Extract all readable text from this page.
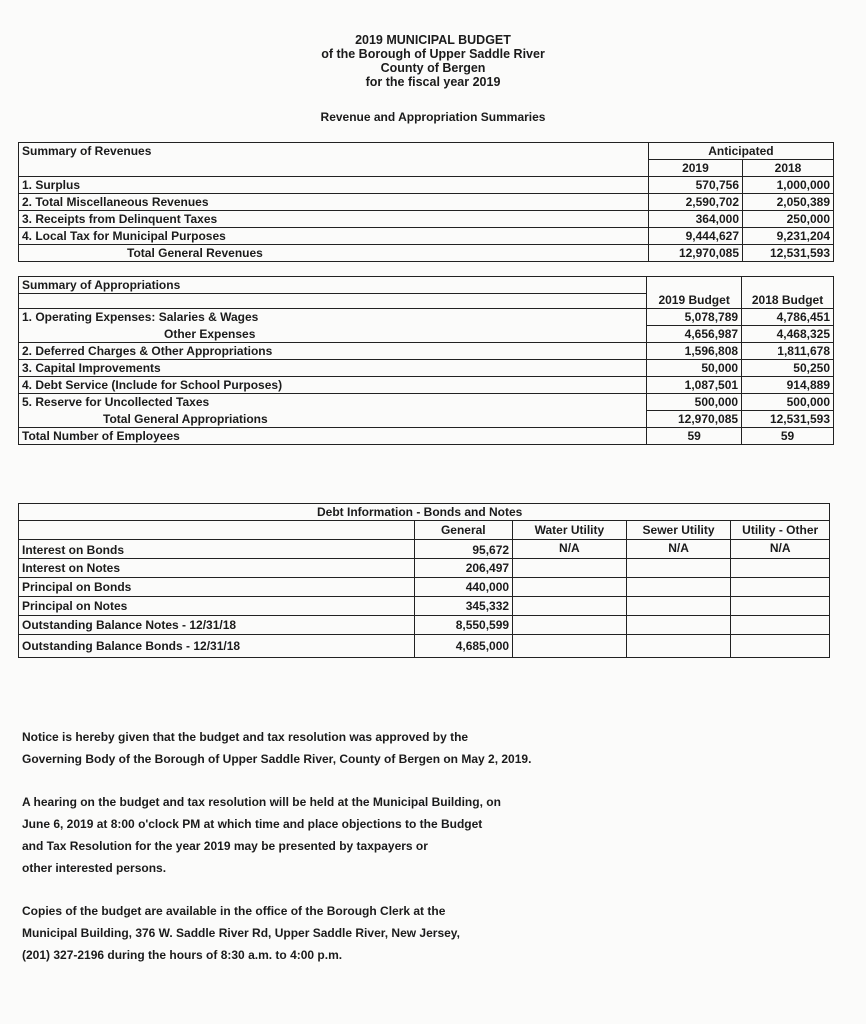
2019 MUNICIPAL BUDGET
of the Borough of Upper Saddle River
County of Bergen
for the fiscal year 2019
Revenue and Appropriation Summaries
Summary of Revenues	Anticipated	
	2019	2018
1. Surplus	570,756	1,000,000
2. Total Miscellaneous Revenues	2,590,702	2,050,389
3. Receipts from Delinquent Taxes	364,000	250,000
4. Local Tax for Municipal Purposes	9,444,627	9,231,204
Total General Revenues	12,970,085	12,531,593
Summary of Appropriations	2019 Budget	2018 Budget

1. Operating Expenses: Salaries & Wages	5,078,789	4,786,451
Other Expenses	4,656,987	4,468,325
2. Deferred Charges & Other Appropriations	1,596,808	1,811,678
3. Capital Improvements	50,000	50,250
4. Debt Service (Include for School Purposes)	1,087,501	914,889
5. Reserve for Uncollected Taxes	500,000	500,000
Total General Appropriations	12,970,085	12,531,593
Total Number of Employees	59	59
Debt Information - Bonds and Notes				
	General	Water Utility	Sewer Utility	Utility - Other
Interest on Bonds	95,672	N/A	N/A	N/A
Interest on Notes	206,497			
Principal on Bonds	440,000			
Principal on Notes	345,332			
Outstanding Balance Notes - 12/31/18	8,550,599			
Outstanding Balance Bonds - 12/31/18	4,685,000			
Notice is hereby given that the budget and tax resolution was approved by the
Governing Body of the Borough of Upper Saddle River, County of Bergen on May 2, 2019.
A hearing on the budget and tax resolution will be held at the Municipal Building, on
June 6, 2019 at 8:00 o'clock PM at which time and place objections to the Budget
and Tax Resolution for the year 2019 may be presented by taxpayers or
other interested persons.
Copies of the budget are available in the office of the Borough Clerk at the
Municipal Building, 376 W. Saddle River Rd, Upper Saddle River, New Jersey,
(201) 327-2196 during the hours of 8:30 a.m. to 4:00 p.m.
